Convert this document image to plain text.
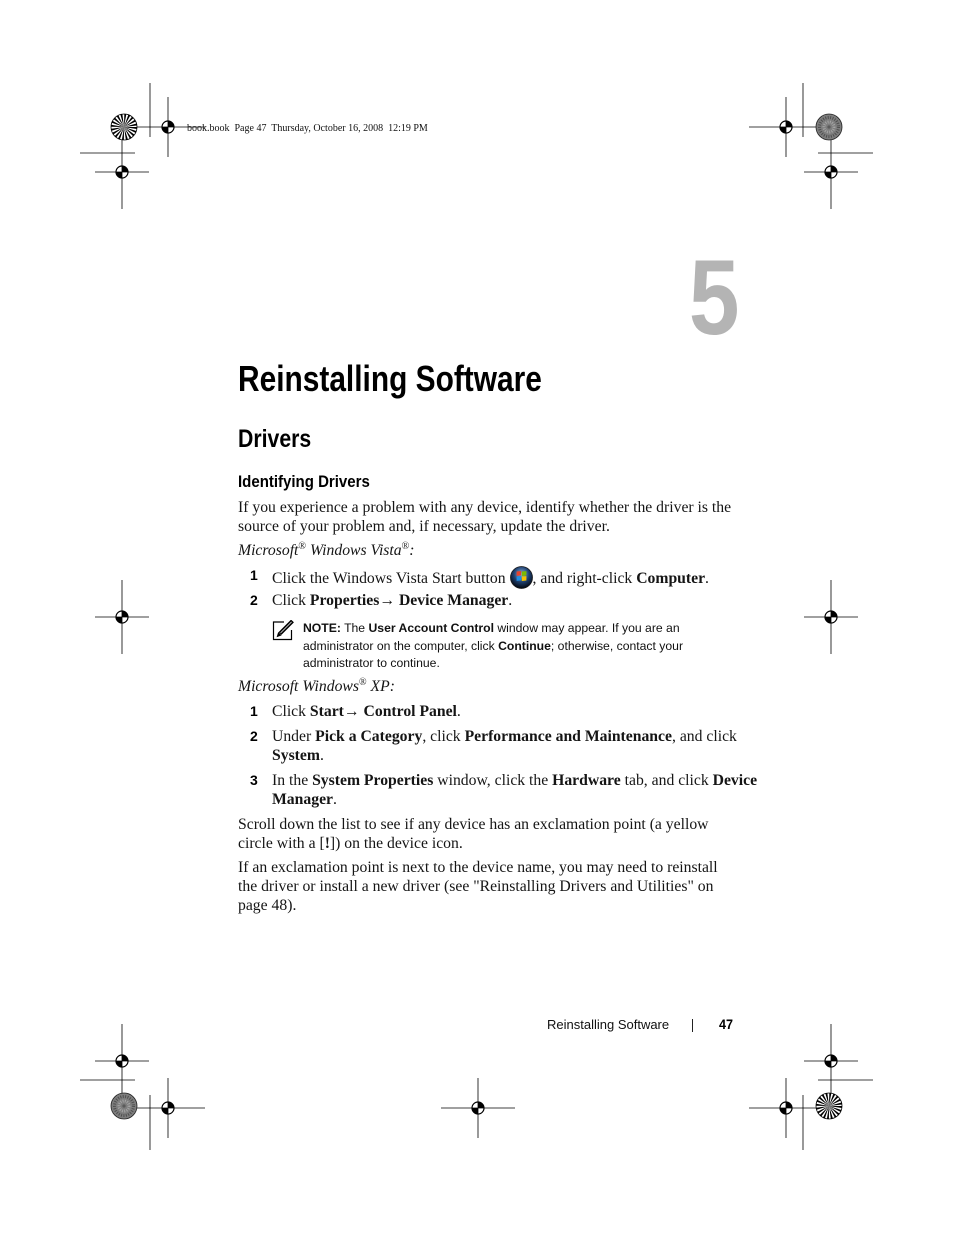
book.book  Page 47  Thursday, October 16, 2008  12:19 PM
5
Reinstalling Software
Drivers
Identifying Drivers
If you experience a problem with any device, identify whether the driver is the
source of your problem and, if necessary, update the driver.
Microsoft® Windows Vista®:
1 Click the Windows Vista Start button , and right-click Computer.
2 Click Properties→ Device Manager.
NOTE: The User Account Control window may appear. If you are an
administrator on the computer, click Continue; otherwise, contact your
administrator to continue.
Microsoft Windows® XP:
1 Click Start→ Control Panel.
2 Under Pick a Category, click Performance and Maintenance, and click
System.
3 In the System Properties window, click the Hardware tab, and click Device
Manager.
Scroll down the list to see if any device has an exclamation point (a yellow
circle with a [!]) on the device icon.
If an exclamation point is next to the device name, you may need to reinstall
the driver or install a new driver (see "Reinstalling Drivers and Utilities" on
page 48).
Reinstalling Software	47
